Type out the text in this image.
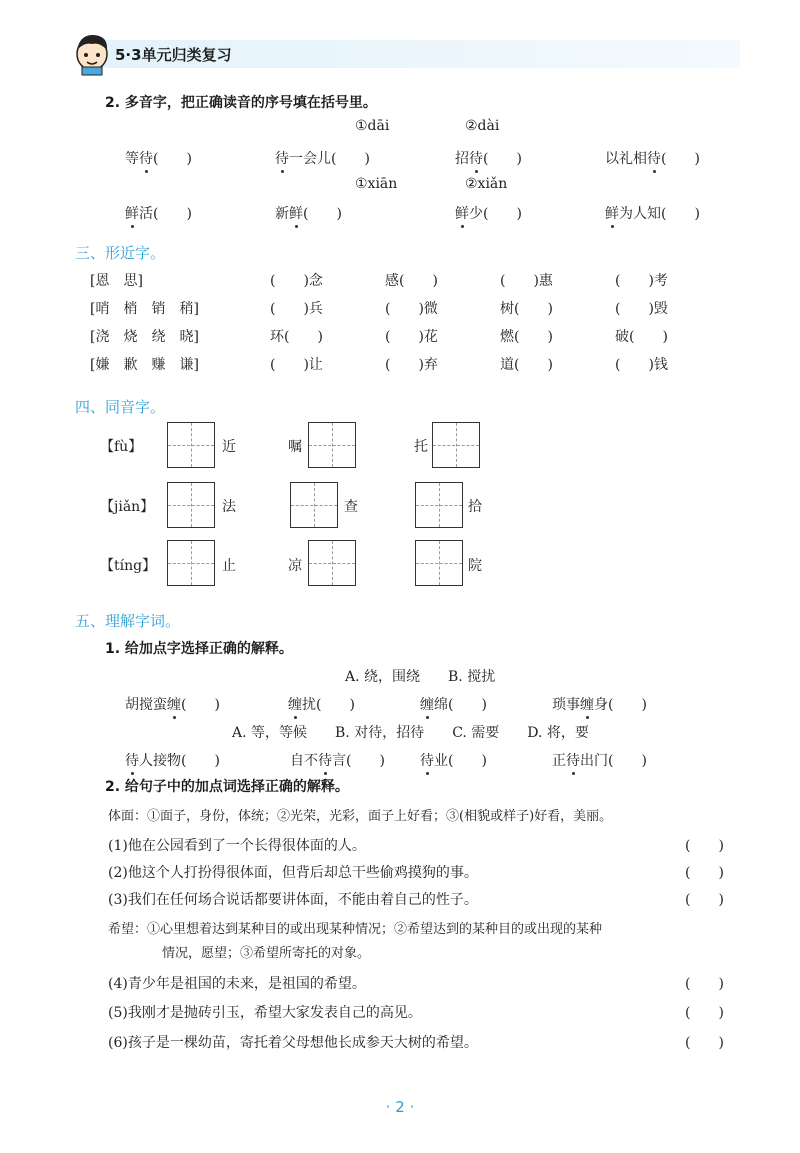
5·3单元归类复习
2. 多音字，把正确读音的序号填在括号里。
①dāi	②dài
等待(　　)	待一会儿(　　)	招待(　　)	以礼相待(　　)
①xiān	②xiǎn
鲜活(　　)	新鲜(　　)	鲜少(　　)	鲜为人知(　　)
三、形近字。
[恩　思]	(　　)念	感(　　)	(　　)惠	(　　)考
[哨　梢　销　稍]	(　　)兵	(　　)微	树(　　)	(　　)毁
[浇　烧　绕　晓]	环(　　)	(　　)花	燃(　　)	破(　　)
[嫌　歉　赚　谦]	(　　)让	(　　)弃	道(　　)	(　　)钱
四、同音字。
【fù】	近	嘱	托
【jiǎn】	法	查	拾
【tíng】	止	凉	院
五、理解字词。
1. 给加点字选择正确的解释。
A. 绕，围绕　　B. 搅扰
胡搅蛮缠(　　)	缠扰(　　)	缠绵(　　)	琐事缠身(　　)
A. 等，等候　　B. 对待，招待　　C. 需要　　D. 将，要
待人接物(　　)	自不待言(　　)	待业(　　)	正待出门(　　)
2. 给句子中的加点词选择正确的解释。
体面：①面子，身份，体统；②光荣，光彩，面子上好看；③(相貌或样子)好看，美丽。
(1)他在公园看到了一个长得很体面的人。	(　　)
(2)他这个人打扮得很体面，但背后却总干些偷鸡摸狗的事。	(　　)
(3)我们在任何场合说话都要讲体面，不能由着自己的性子。	(　　)
希望：①心里想着达到某种目的或出现某种情况；②希望达到的某种目的或出现的某种
情况，愿望；③希望所寄托的对象。
(4)青少年是祖国的未来，是祖国的希望。	(　　)
(5)我刚才是抛砖引玉，希望大家发表自己的高见。	(　　)
(6)孩子是一棵幼苗，寄托着父母想他长成参天大树的希望。	(　　)
· 2 ·
